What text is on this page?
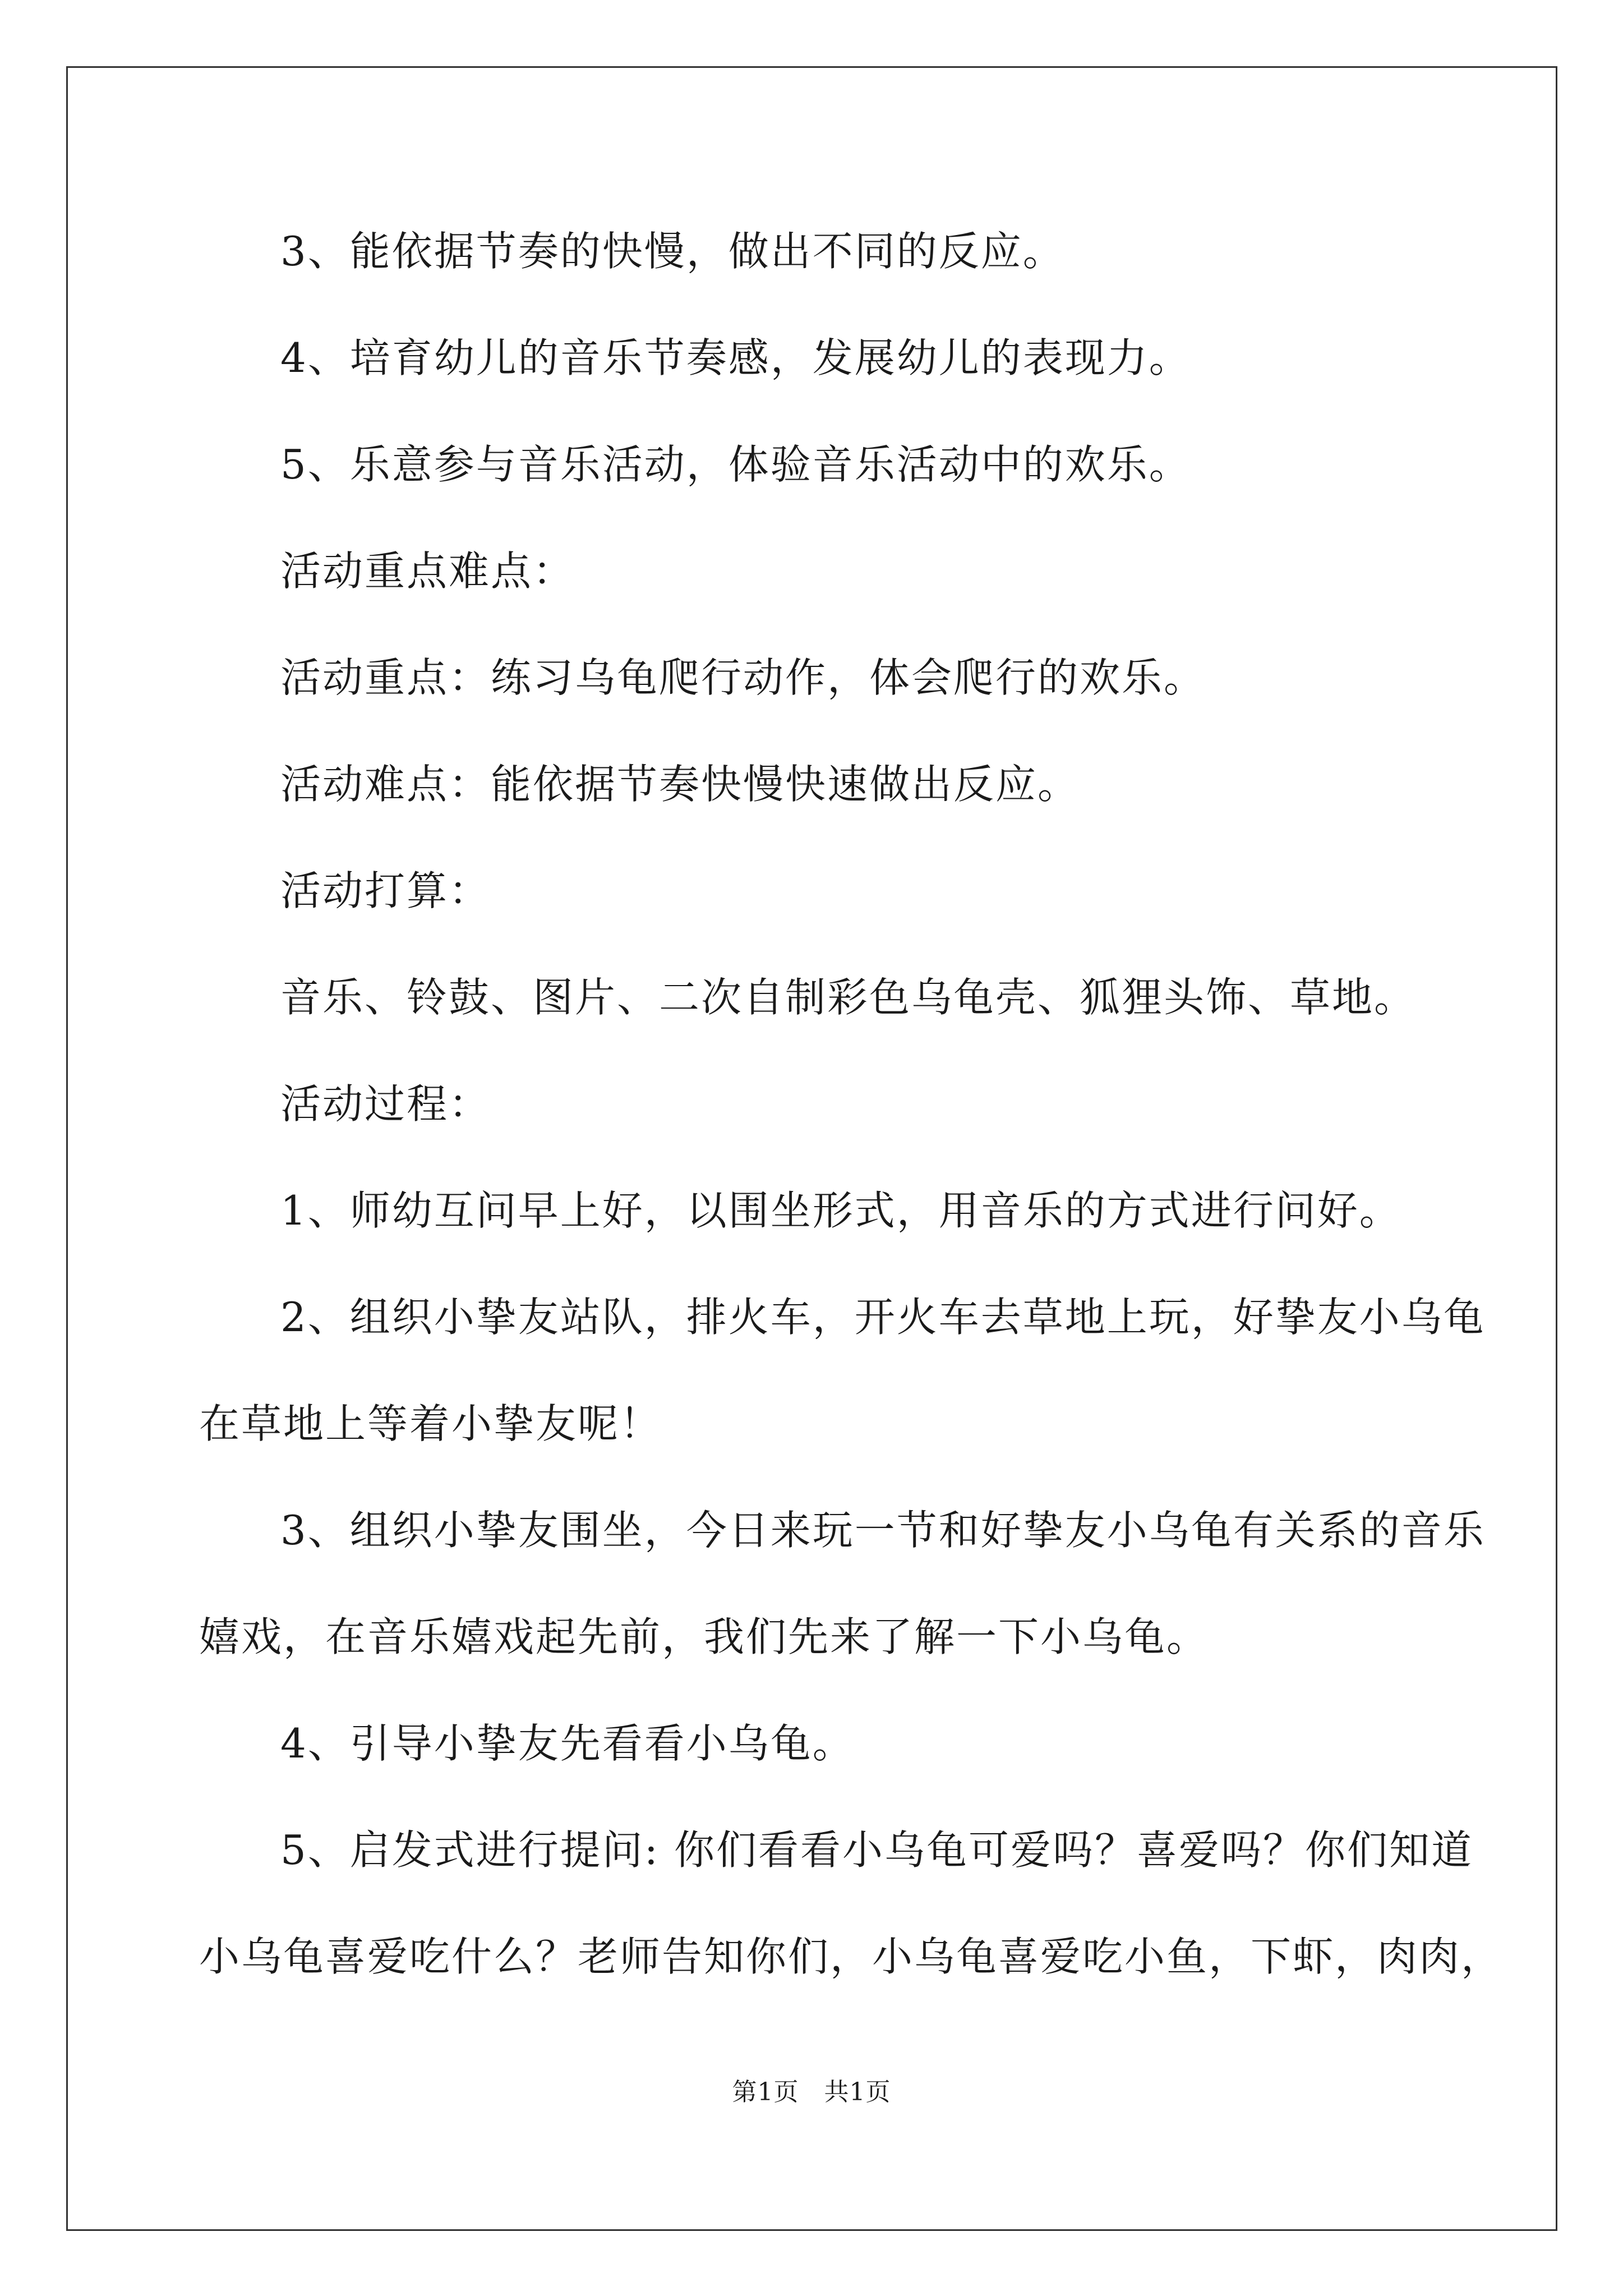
3、能依据节奏的快慢，做出不同的反应。
4、培育幼儿的音乐节奏感，发展幼儿的表现力。
5、乐意参与音乐活动，体验音乐活动中的欢乐。
活动重点难点：
活动重点：练习乌龟爬行动作，体会爬行的欢乐。
活动难点：能依据节奏快慢快速做出反应。
活动打算：
音乐、铃鼓、图片、二次自制彩色乌龟壳、狐狸头饰、草地。
活动过程：
1、师幼互问早上好，以围坐形式，用音乐的方式进行问好。
2、组织小挚友站队，排火车，开火车去草地上玩，好挚友小乌龟
在草地上等着小挚友呢！
3、组织小挚友围坐，今日来玩一节和好挚友小乌龟有关系的音乐
嬉戏，在音乐嬉戏起先前，我们先来了解一下小乌龟。
4、引导小挚友先看看小乌龟。
5、启发式进行提问: 你们看看小乌龟可爱吗？喜爱吗？你们知道
小乌龟喜爱吃什么？老师告知你们，小乌龟喜爱吃小鱼，下虾，肉肉，
第1页　共1页
